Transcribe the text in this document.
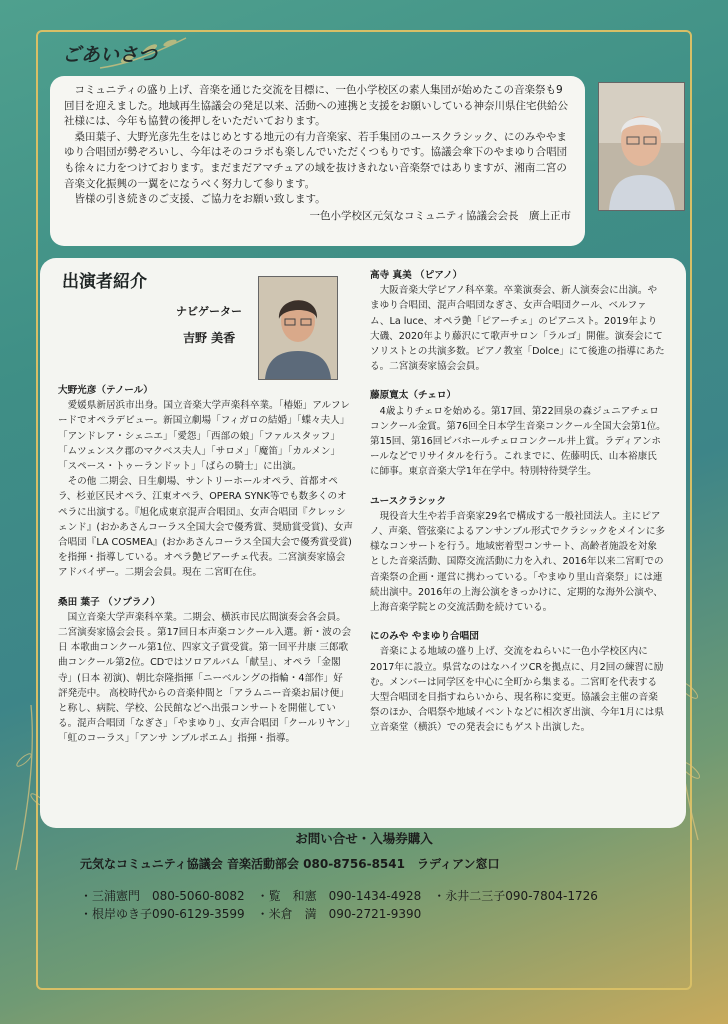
ごあいさつ

コミュニティの盛り上げ、音楽を通じた交流を目標に、一色小学校区の素人集団が始めたこの音楽祭も9回目を迎えました。地域再生協議会の発足以来、活動への連携と支援をお願いしている神奈川県住宅供給公社様には、今年も協賛の後押しをいただいております。

桑田葉子、大野光彦先生をはじめとする地元の有力音楽家、若手集団のユースクラシック、にのみややまゆり合唱団が勢ぞろいし、今年はそのコラボも楽しんでいただくつもりです。協議会傘下のやまゆり合唱団も徐々に力をつけております。まだまだアマチュアの域を抜けきれない音楽祭ではありますが、湘南二宮の音楽文化振興の一翼をになうべく努力して参ります。

皆様の引き続きのご支援、ご協力をお願い致します。

一色小学校区元気なコミュニティ協議会会長　廣上正市
出演者紹介
ナビゲーター
吉野 美香
大野光彦（テノール）

愛媛県新居浜市出身。国立音楽大学声楽科卒業。「椿姫」アルフレードでオペラデビュー。新国立劇場「フィガロの結婚」「蝶々夫人」「アンドレア・シェニエ」「愛怨」「西部の娘」「ファルスタッフ」「ムツェンスク郡のマクベス夫人」「サロメ」「魔笛」「カルメン」「スペース・トゥーランドット」「ばらの騎士」に出演。

その他 二期会、日生劇場、サントリーホールオペラ、首都オペラ、杉並区民オペラ、江東オペラ、OPERA SYNK等でも数多くのオペラに出演する。『旭化成東京混声合唱団』、女声合唱団『クレッシェンド』(おかあさんコーラス全国大会で優秀賞、奨励賞受賞)、女声合唱団『LA COSMEA』(おかあさんコーラス全国大会で優秀賞受賞)を指揮・指導している。オペラ艶ピアーチェ代表。二宮演奏家協会アドバイザー。二期会会員。現在 二宮町在住。

桑田 葉子 （ソプラノ）

国立音楽大学声楽科卒業。二期会、横浜市民広間演奏会各会員。二宮演奏家協会会長 。第17回日本声楽コンクール入選。新・波の会日 本歌曲コンクール第1位、四家文子賞受賞。第一回平井康 三郎歌曲コンクール第2位。CDではソロアルバム「献呈」、オペラ「金閣寺」(日本 初演)、朝比奈隆指揮「ニーベルングの指輪・4部作」好 評発売中。 高校時代からの音楽仲間と「アラムニー音楽お届け便」と称し、病院、学校、公民館などへ出張コンサートを開催している。混声合唱団「なぎさ」「やまゆり」、女声合唱団「クールリヤン」「虹のコーラス」「アンサ ンブルポエム」指揮・指導。

高寺 真美 （ピアノ）

大阪音楽大学ピアノ科卒業。卒業演奏会、新人演奏会に出演。やまゆり合唱団、混声合唱団なぎさ、女声合唱団クール、ベルファム、La luce、オペラ艶「ピアーチェ」のピアニスト。2019年より大磯、2020年より藤沢にて歌声サロン「ラルゴ」開催。演奏会にてソリストとの共演多数。ピアノ教室「Dolce」にて後進の指導にあたる。二宮演奏家協会会員。

藤原寛太（チェロ）

4歳よりチェロを始める。第17回、第22回泉の森ジュニアチェロコンクール金賞。第76回全日本学生音楽コンクール全国大会第1位。第15回、第16回ビバホールチェロコンクール井上賞。ラディアンホールなどでリサイタルを行う。これまでに、佐藤明氏、山本裕康氏に師事。東京音楽大学1年在学中。特別特待奨学生。

ユースクラシック

現役音大生や若手音楽家29名で構成する一般社団法人。主にピアノ、声楽、管弦楽によるアンサンブル形式でクラシックをメインに多様なコンサートを行う。地域密着型コンサート、高齢者施設を対象とした音楽活動、国際交流活動に力を入れ、2016年以来二宮町での音楽祭の企画・運営に携わっている。「やまゆり里山音楽祭」には連続出演中。2016年の上海公演をきっかけに、定期的な海外公演や、上海音楽学院との交流活動を続けている。

にのみや やまゆり合唱団

音楽による地域の盛り上げ、交流をねらいに一色小学校区内に2017年に設立。県営なのはなハイツCRを拠点に、月2回の練習に励む。メンバーは同学区を中心に全町から集まる。二宮町を代表する大型合唱団を目指すねらいから、現名称に変更。協議会主催の音楽祭のほか、合唱祭や地域イベントなどに相次ぎ出演、今年1月には県立音楽堂（横浜）での発表会にもゲスト出演した。

お問い合せ・入場券購入
元気なコミュニティ協議会 音楽活動部会 080-8756-8541　ラディアン窓口
・三浦憲門　080-5060-8082　・覧　和憲　090-1434-4928　・永井二三子090-7804-1726
・根岸ゆき子090-6129-3599　・米倉　満　090-2721-9390
